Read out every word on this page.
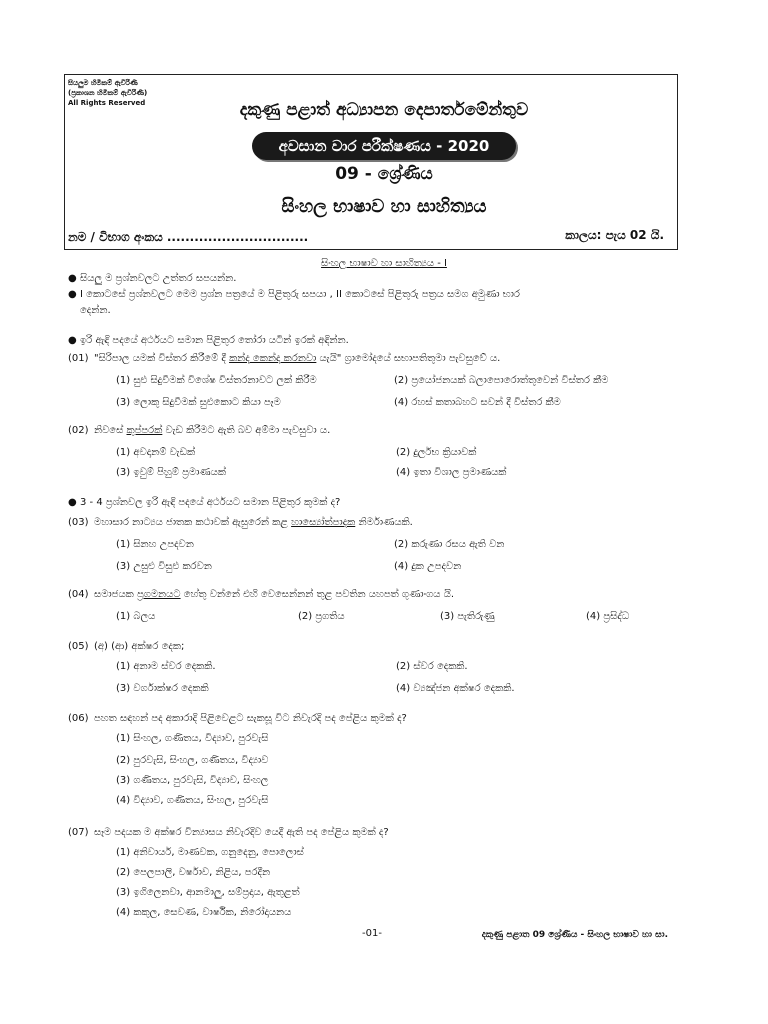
සියලුම හිමිකම් ඇවිරිණි
(ප්‍රකාශන හිමිකම් ඇවිරිණි)
All Rights Reserved	දකුණු පළාත් අධ්‍යාපන දෙපාර්තමේන්තුව
අවසාන වාර පරීක්ෂණය - 2020
09 - ශ්‍රේණිය
සිංහල භාෂාව හා සාහිත්‍යය
නම / විභාග අංකය ...............................	කාලය: පැය 02 යි.
සිංහල භාෂාව හා සාහිත්‍යය - I
● සියලු ම ප්‍රශ්නවලට උත්තර සපයන්න.
● I කොටසේ ප්‍රශ්නවලට මෙම ප්‍රශ්න පත්‍රයේ ම පිළිතුරු සපයා , II කොටසේ පිළිතුරු පත්‍රය සමග අමුණා භාර
දෙන්න.
● ඉරි ඇඳි පදයේ අර්ථයට සමාන පිළිතුර තෝරා යටින් ඉරක් අඳින්න.
(01) "සිරිපාල යමක් විස්තර කිරීමේ දී කන්ද කෙන්ද කරනවා යැයි" ග්‍රාමෝදයේ සභාපතිතුමා පැවසුවේ ය.
(1) සුළු සිදුවීමක් විශේෂ විස්තරනාවට ලක් කිරීම	(2) ප්‍රයෝජනයක් බලාපොරොත්තුවෙන් විස්තර කීම
(3) ලොකු සිදුවීමක් සුළුකොට කියා පෑම	(4) රහස් කතාබහට සවන් දී විස්තර කීම
(02) නිවසේ කුප්පරක් වැඩ කිරීමට ඇති බව අම්මා පැවසුවා ය.
(1) අවදානම් වැඩක්	(2) දුර්ලභ ක්‍රියාවක්
(3) ඉවුම් පිහුම් ප්‍රමාණයක්	(4) ඉතා විශාල ප්‍රමාණයක්
● 3 - 4 ප්‍රශ්නවල ඉරි ඇඳි පදයේ අර්ථයට සමාන පිළිතුර කුමක් ද?
(03) මහාසාර නාට්‍යය ජාතක කථාවක් ඇසුරෙන් කළ හාස්‍යෝත්පාදක නිර්මාණයකි.
(1) සිනහ උපදවන	(2) කරුණා රසය ඇති වන
(3) උසුළු විසුළු කරවන	(4) දුක උපදවන
(04) සමාජයක ප්‍රගමනයට හේතු වන්නේ එහි වෙසෙන්නන් තුළ පවතින යහපත් ගුණාංගය යි.
(1) බලය	(2) ප්‍රගතිය	(3) පැතිරුණු	(4) ප්‍රසිද්ධ
(05) (අ) (ආ) අක්ෂර දෙක;
(1) අනාම ස්වර දෙකකි.	(2) ස්වර දෙකකි.
(3) වර්ගාක්ෂර දෙකකි	(4) ව්‍යඤ්ජන අක්ෂර දෙකකි.
(06) පහත සඳහන් පද අකාරාදි පිළිවෙළට සැකසූ විට නිවැරදි පද පේළිය කුමක් ද?
(1) සිංහල, ගණිතය, විද්‍යාව, පුරවැසි
(2) පුරවැසි, සිංහල, ගණිතය, විද්‍යාව
(3) ගණිතය, පුරවැසි, විද්‍යාව, සිංහල
(4) විද්‍යාව, ගණිතය, සිංහල, පුරවැසි
(07) සෑම පදයක ම අක්ෂර වින්‍යාසය නිවැරදිව යෙදී ඇති පද පේළිය කුමක් ද?
(1) අනිවාර්ය, මාණවක, ගනුදෙනු, පොලොස්
(2) පෙලපාලි, වර්ෂාව, නිළිය, පරදීන
(3) ඉගිලෙනවා, ආනමාලු, සම්ප්‍රදාය, ඇතුළත්
(4) කකුල, සෙවණ, වාර්ෂික, නිරෝදායනය
-01-	දකුණු පළාත 09 ශ්‍රේණිය - සිංහල භාෂාව හා සා.
